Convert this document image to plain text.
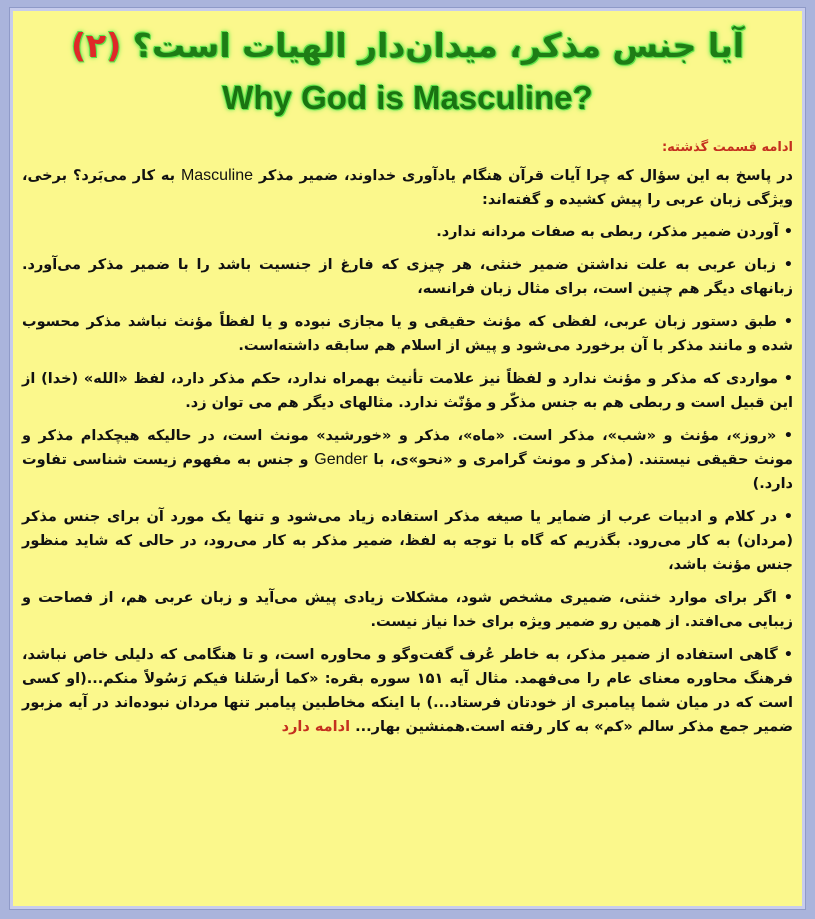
آیا جنس مذکر، میدان‌دار الهیات است؟ (۲)
Why God is Masculine?

ادامه قسمت گذشته:

در پاسخ به این سؤال که چرا آیات قرآن هنگام یادآوری خداوند، ضمیر مذکر Masculine به کار می‌بَرد؟ برخی، ویژگی زبان عربی را پیش کشیده و گفته‌اند:

• آوردن ضمیر مذکر، ربطی به صفات مردانه ندارد.

• زبان عربی به علت نداشتن ضمیر خنثی، هر چیزی که فارغ از جنسیت باشد را با ضمیر مذکر می‌آورد. زبانهای دیگر هم چنین است، برای مثال زبان فرانسه،

• طبق دستور زبان عربی، لفظی که مؤنث حقیقی و یا مجازی نبوده و یا لفظاً مؤنث نباشد مذکر محسوب شده و مانند مذکر با آن برخورد می‌شود و پیش از اسلام هم سابقه داشته‌است.

• مواردی که مذکر و مؤنث ندارد و لفظاً نیز علامت تأنیث بهمراه ندارد، حکم مذکر دارد، لفظ «الله» (خدا) از این قبیل است و ربطی هم به جنس مذکّر و مؤنّث ندارد. مثالهای دیگر هم می توان زد.

• «روز»، مؤنث و «شب»، مذکر است. «ماه»، مذکر و «خورشید» مونث است، در حالیکه هیچکدام مذکر و مونث حقیقی نیستند. (مذکر و مونث گرامری و «نحو»ی، با Gender و جنس به مفهوم زیست شناسی تفاوت دارد.)

• در کلام و ادبیات عرب از ضمایر یا صیغه مذکر استفاده زیاد می‌شود و تنها یک مورد آن برای جنس مذکر (مردان) به کار می‌رود. بگذریم که گاه با توجه به لفظ، ضمیر مذکر به کار می‌رود، در حالی که شاید منظور جنس مؤنث باشد،

• اگر برای موارد خنثی، ضمیری مشخص شود، مشکلات زیادی پیش می‌آید و زبان عربی هم، از فصاحت و زیبایی می‌افتد. از همین رو ضمیر ویژه برای خدا نیاز نیست.

• گاهی استفاده از ضمیر مذکر، به خاطر عُرف گفت‌وگو و محاوره است، و تا هنگامی که دلیلی خاص نباشد، فرهنگ محاوره معنای عام را می‌فهمد. مثال آیه ۱۵۱ سوره بقره: «کما أرسَلنا فیکم رَسُولاً منکم...(او کسی است که در میان شما پیامبری از خودتان فرستاد...) با اینکه مخاطبین پیامبر تنها مردان نبوده‌اند در آیه مزبور ضمیر جمع مذکر سالم «کم» به کار رفته است.همنشین بهار... ادامه دارد
